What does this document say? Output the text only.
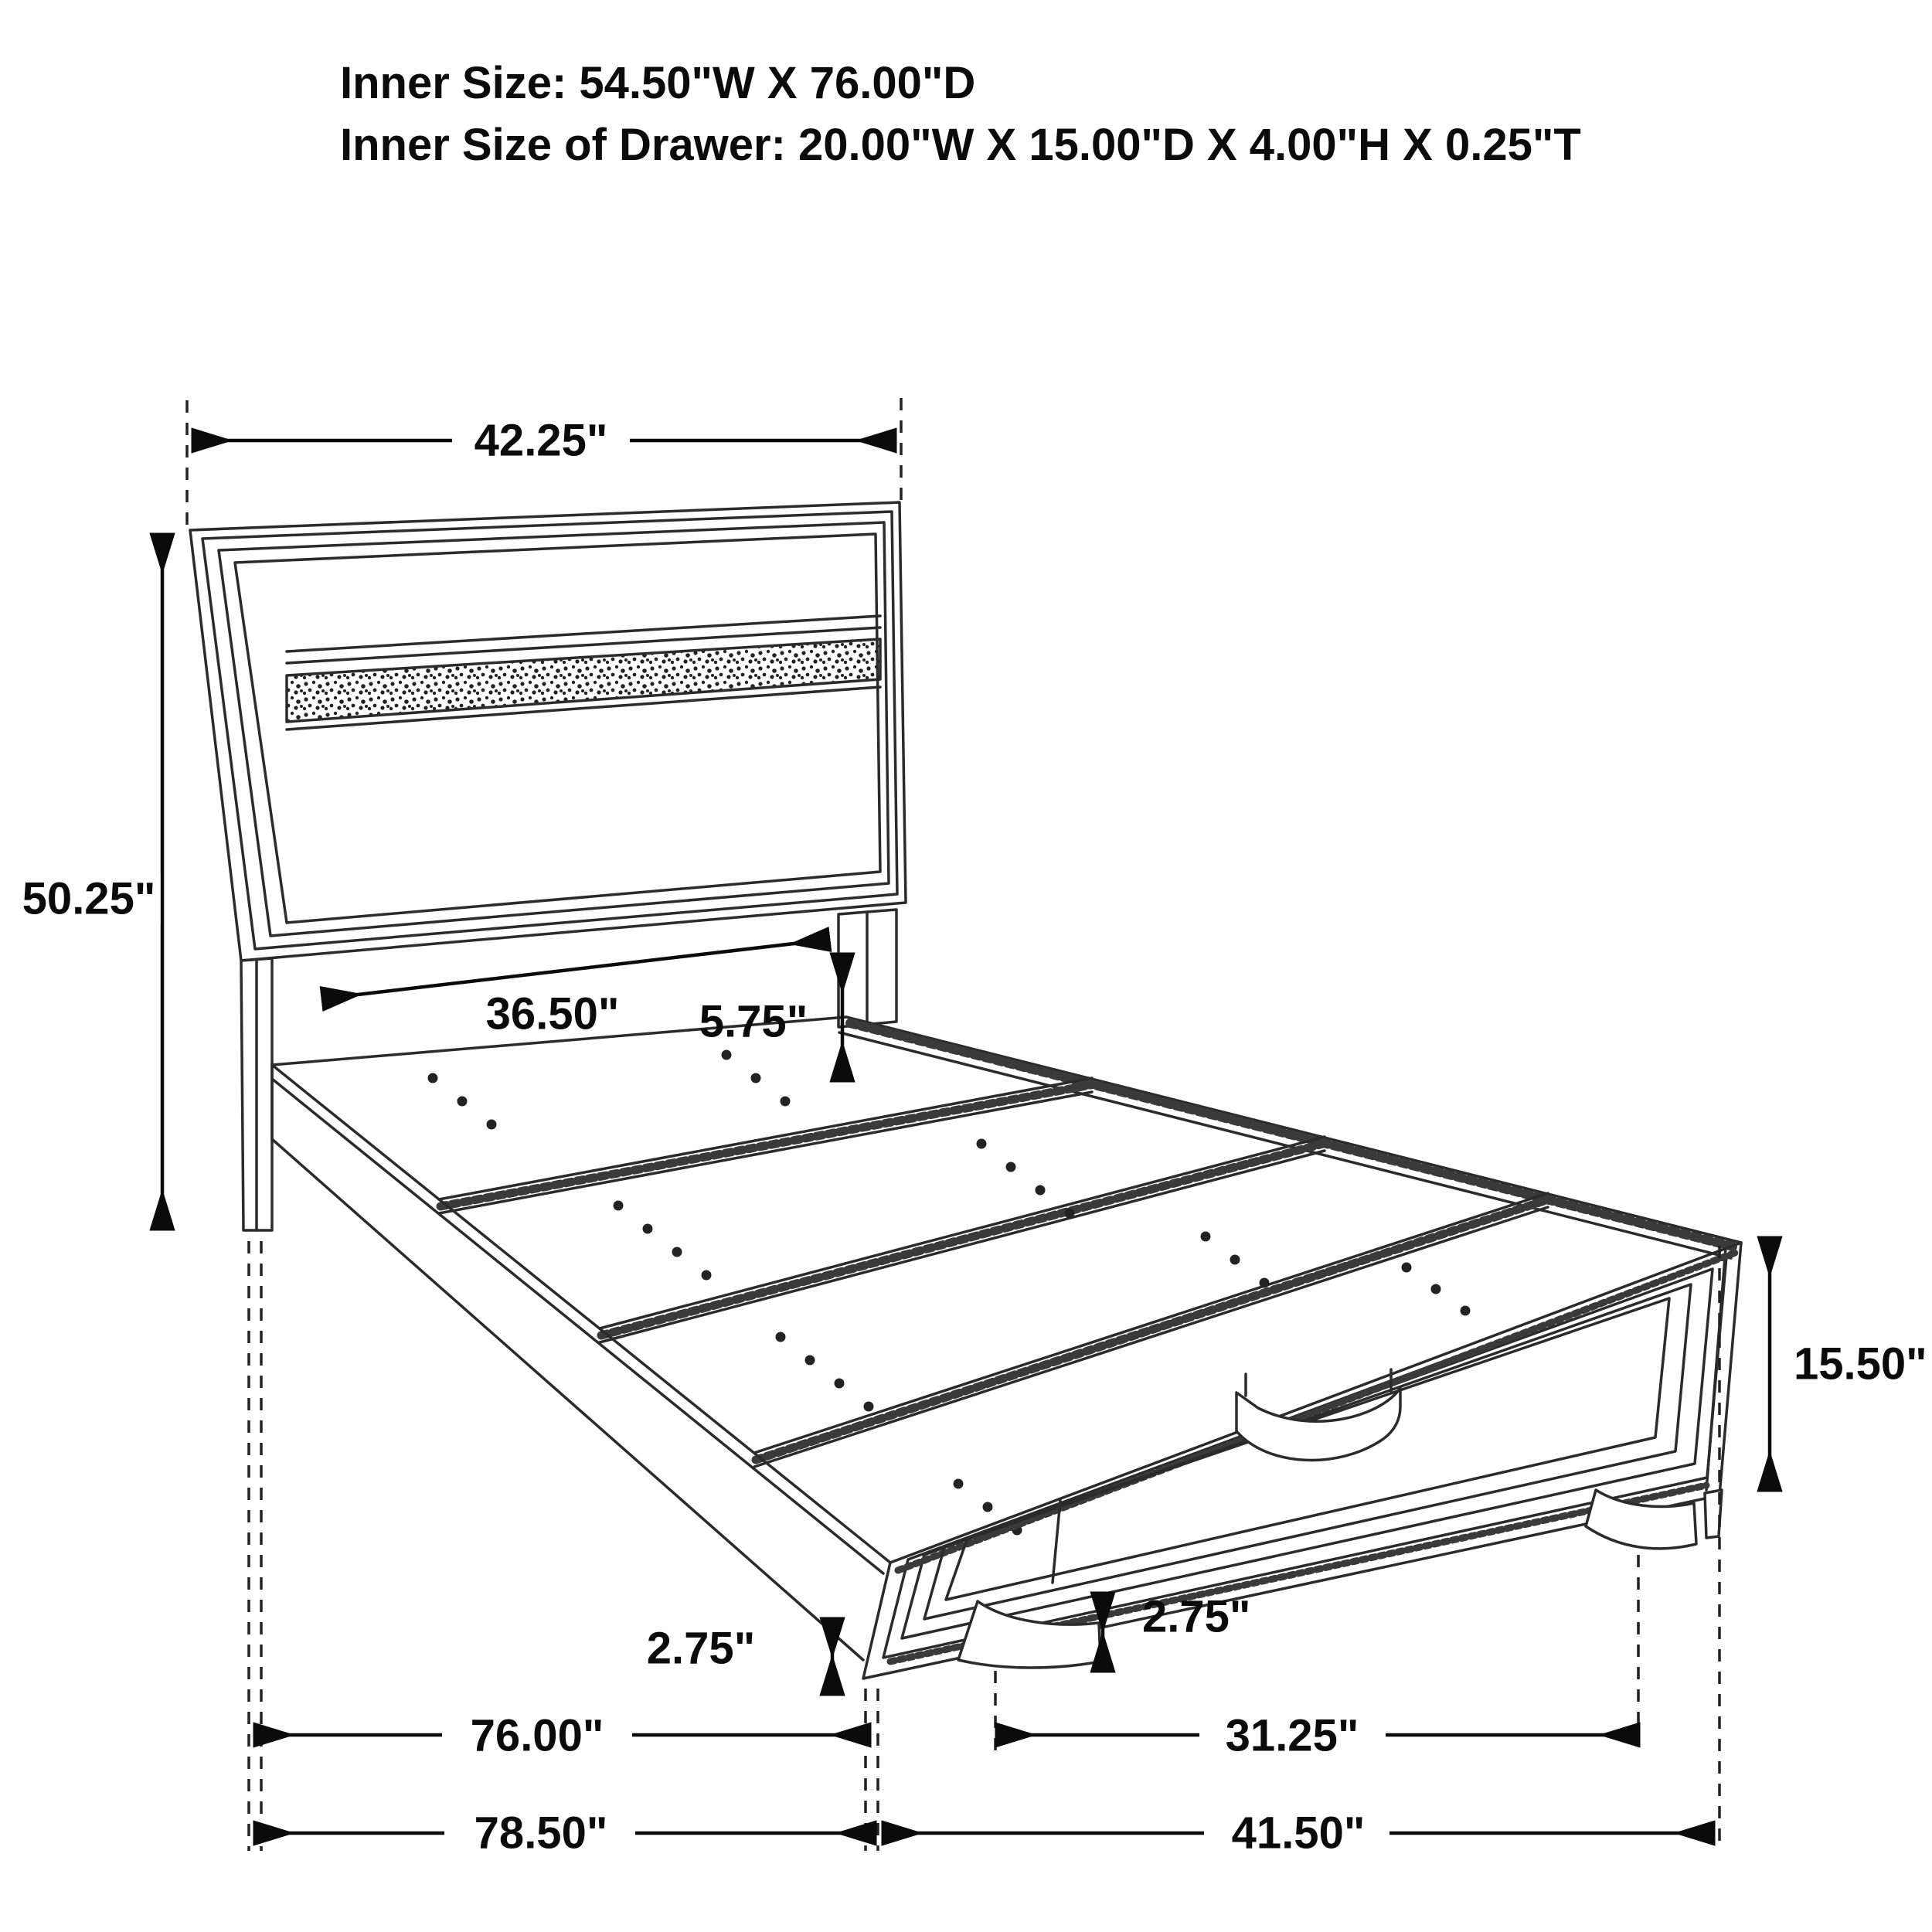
Inner Size: 54.50"W X 76.00"D
Inner Size of Drawer: 20.00"W X 15.00"D X 4.00"H X 0.25"T
42.25"
50.25"
36.50" 5.75"
15.50"
2.75"
2.75"
76.00"	31.25"
78.50"	41.50"
